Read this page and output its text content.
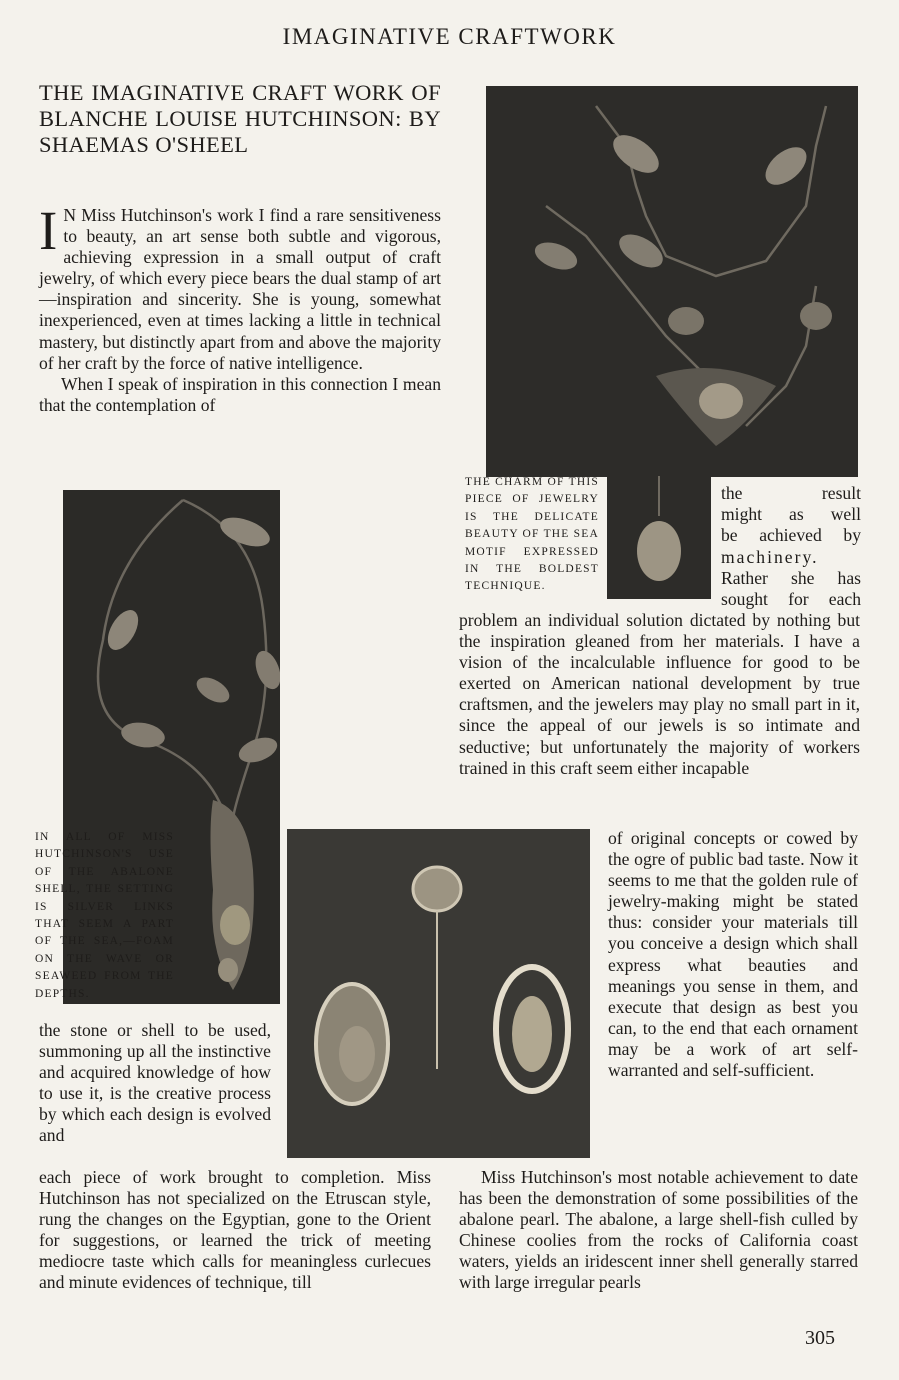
IMAGINATIVE CRAFTWORK
THE IMAGINATIVE CRAFT WORK OF BLANCHE LOUISE HUTCHINSON: BY SHAEMAS O'SHEEL
I N Miss Hutchinson's work I find a rare sensitiveness to beauty, an art sense both subtle and vigorous, achieving expression in a small output of craft jewelry, of which every piece bears the dual stamp of art—inspiration and sincerity. She is young, somewhat inexperienced, even at times lacking a little in technical mastery, but distinctly apart from and above the majority of her craft by the force of native intelligence.

When I speak of inspiration in this connection I mean that the contemplation of

THE CHARM OF THIS PIECE OF JEWELRY IS THE DELICATE BEAUTY OF THE SEA MOTIF EXPRESSED IN THE BOLDEST TECHNIQUE.

the result

might as well

be achieved by

machinery.

Rather she has

sought for each

problem an individual solution dictated by nothing but the inspiration gleaned from her materials. I have a vision of the incalculable influence for good to be exerted on American national development by true craftsmen, and the jewelers may play no small part in it, since the appeal of our jewels is so intimate and seductive; but unfortunately the majority of workers trained in this craft seem either incapable
IN ALL OF MISS HUTCHINSON'S USE OF THE ABALONE SHELL, THE SETTING IS SILVER LINKS THAT SEEM A PART OF THE SEA,—FOAM ON THE WAVE OR SEAWEED FROM THE DEPTHS.
the stone or shell to be used, summoning up all the instinctive and acquired knowledge of how to use it, is the creative process by which each design is evolved and
each piece of work brought to completion. Miss Hutchinson has not specialized on the Etruscan style, rung the changes on the Egyptian, gone to the Orient for suggestions, or learned the trick of meeting mediocre taste which calls for meaningless curlecues and minute evidences of technique, till
of original concepts or cowed by the ogre of public bad taste. Now it seems to me that the golden rule of jewelry-making might be stated thus: consider your materials till you conceive a design which shall express what beauties and meanings you sense in them, and execute that design as best you can, to the end that each ornament may be a work of art self-warranted and self-sufficient.
Miss Hutchinson's most notable achievement to date has been the demonstration of some possibilities of the abalone pearl. The abalone, a large shell-fish culled by Chinese coolies from the rocks of California coast waters, yields an iridescent inner shell generally starred with large irregular pearls
305
